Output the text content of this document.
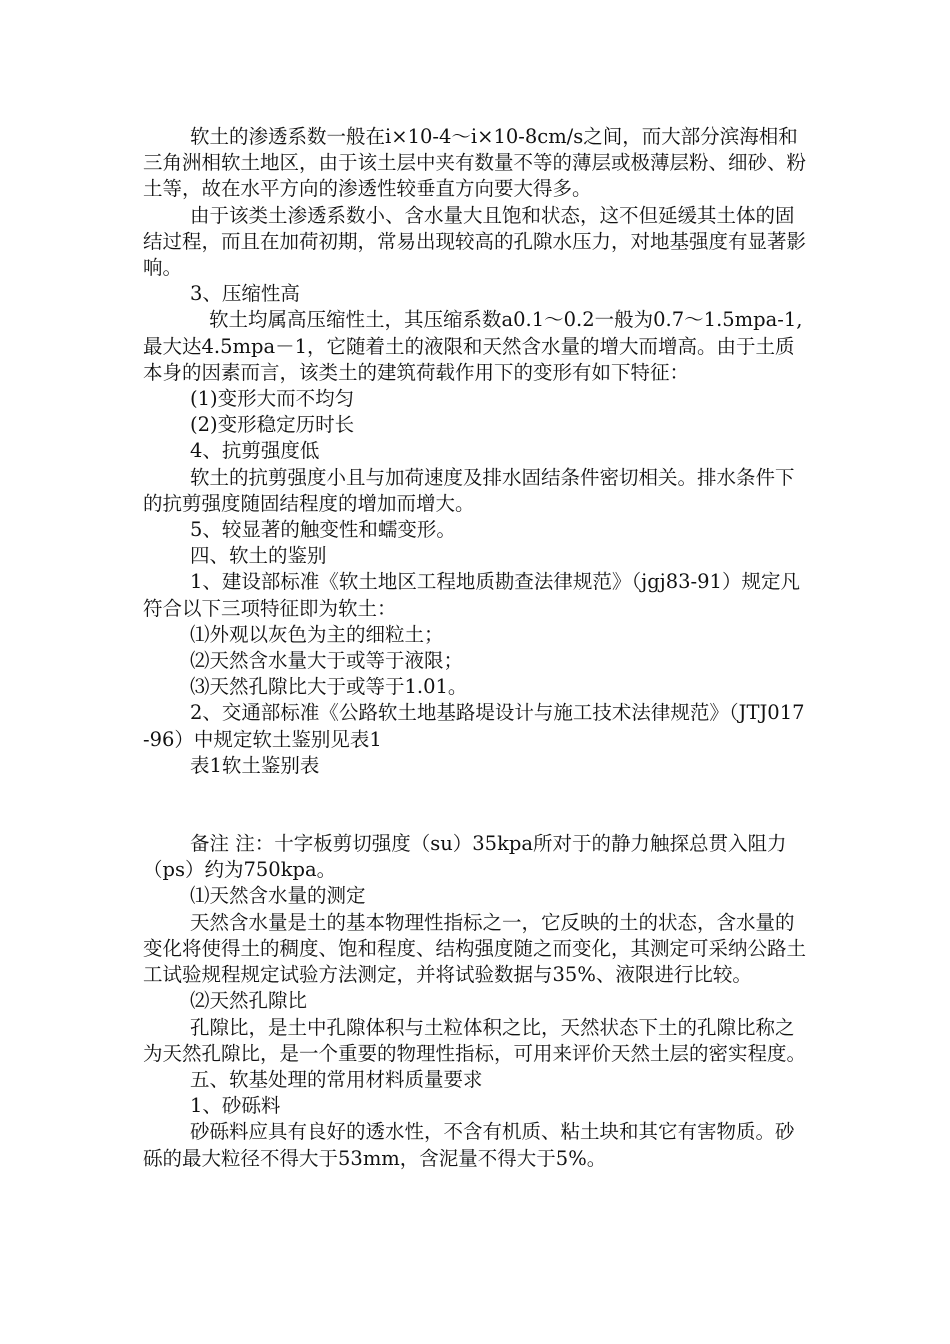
软土的渗透系数一般在i×10-4～i×10-8cm/s之间，而大部分滨海相和三角洲相软土地区，由于该土层中夹有数量不等的薄层或极薄层粉、细砂、粉土等，故在水平方向的渗透性较垂直方向要大得多。

由于该类土渗透系数小、含水量大且饱和状态，这不但延缓其土体的固结过程，而且在加荷初期，常易出现较高的孔隙水压力，对地基强度有显著影响。

3、压缩性高

软土均属高压缩性土，其压缩系数a0.1～0.2一般为0.7～1.5mpa-1,最大达4.5mpa－1，它随着土的液限和天然含水量的增大而增高。由于土质本身的因素而言，该类土的建筑荷载作用下的变形有如下特征：

(1)变形大而不均匀

(2)变形稳定历时长

4、抗剪强度低

软土的抗剪强度小且与加荷速度及排水固结条件密切相关。排水条件下的抗剪强度随固结程度的增加而增大。

5、较显著的触变性和蠕变形。

四、软土的鉴别

1、建设部标准《软土地区工程地质勘查法律规范》（jgj83-91）规定凡符合以下三项特征即为软土：

⑴外观以灰色为主的细粒土；

⑵天然含水量大于或等于液限；

⑶天然孔隙比大于或等于1.01。

2、交通部标准《公路软土地基路堤设计与施工技术法律规范》（JTJ017-96）中规定软土鉴别见表1

表1软土鉴别表

备注 注：十字板剪切强度（su）35kpa所对于的静力触探总贯入阻力（ps）约为750kpa。

⑴天然含水量的测定

天然含水量是土的基本物理性指标之一，它反映的土的状态，含水量的变化将使得土的稠度、饱和程度、结构强度随之而变化，其测定可采纳公路土工试验规程规定试验方法测定，并将试验数据与35%、液限进行比较。

⑵天然孔隙比

孔隙比，是土中孔隙体积与土粒体积之比，天然状态下土的孔隙比称之为天然孔隙比，是一个重要的物理性指标，可用来评价天然土层的密实程度。

五、软基处理的常用材料质量要求

1、砂砾料

砂砾料应具有良好的透水性，不含有机质、粘土块和其它有害物质。砂砾的最大粒径不得大于53mm，含泥量不得大于5%。
